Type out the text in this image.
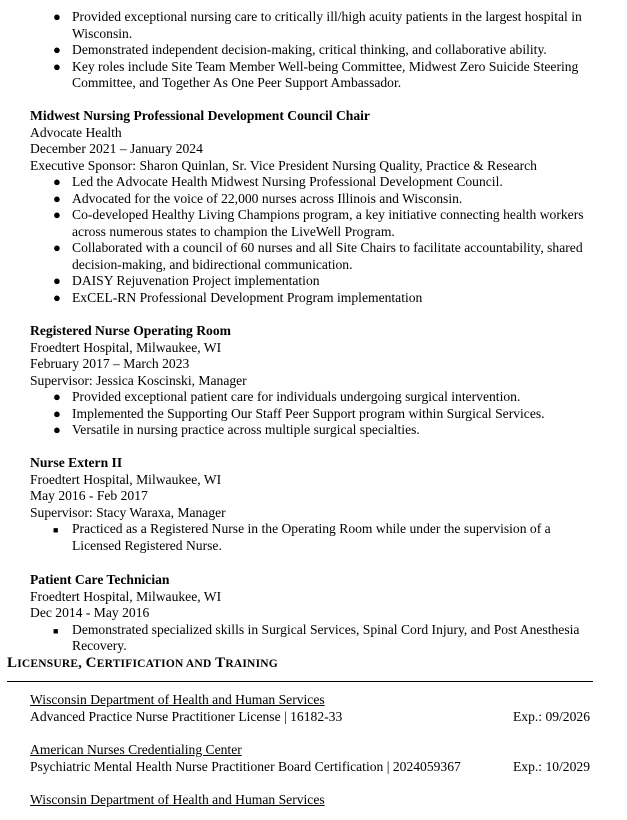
● Provided exceptional nursing care to critically ill/high acuity patients in the largest hospital in Wisconsin.
● Demonstrated independent decision-making, critical thinking, and collaborative ability.
● Key roles include Site Team Member Well-being Committee, Midwest Zero Suicide Steering Committee, and Together As One Peer Support Ambassador.
Midwest Nursing Professional Development Council Chair
Advocate Health
December 2021 – January 2024
Executive Sponsor: Sharon Quinlan, Sr. Vice President Nursing Quality, Practice & Research
● Led the Advocate Health Midwest Nursing Professional Development Council.
● Advocated for the voice of 22,000 nurses across Illinois and Wisconsin.
● Co-developed Healthy Living Champions program, a key initiative connecting health workers across numerous states to champion the LiveWell Program.
● Collaborated with a council of 60 nurses and all Site Chairs to facilitate accountability, shared decision-making, and bidirectional communication.
● DAISY Rejuvenation Project implementation
● ExCEL-RN Professional Development Program implementation
Registered Nurse Operating Room
Froedtert Hospital, Milwaukee, WI
February 2017 – March 2023
Supervisor: Jessica Koscinski, Manager
● Provided exceptional patient care for individuals undergoing surgical intervention.
● Implemented the Supporting Our Staff Peer Support program within Surgical Services.
● Versatile in nursing practice across multiple surgical specialties.
Nurse Extern II
Froedtert Hospital, Milwaukee, WI
May 2016 - Feb 2017
Supervisor: Stacy Waraxa, Manager
■ Practiced as a Registered Nurse in the Operating Room while under the supervision of a Licensed Registered Nurse.
Patient Care Technician
Froedtert Hospital, Milwaukee, WI
Dec 2014 - May 2016
■ Demonstrated specialized skills in Surgical Services, Spinal Cord Injury, and Post Anesthesia Recovery.
LICENSURE, CERTIFICATION AND TRAINING
Wisconsin Department of Health and Human Services
Advanced Practice Nurse Practitioner License | 16182-33	Exp.: 09/2026
American Nurses Credentialing Center
Psychiatric Mental Health Nurse Practitioner Board Certification | 2024059367	Exp.: 10/2029
Wisconsin Department of Health and Human Services
